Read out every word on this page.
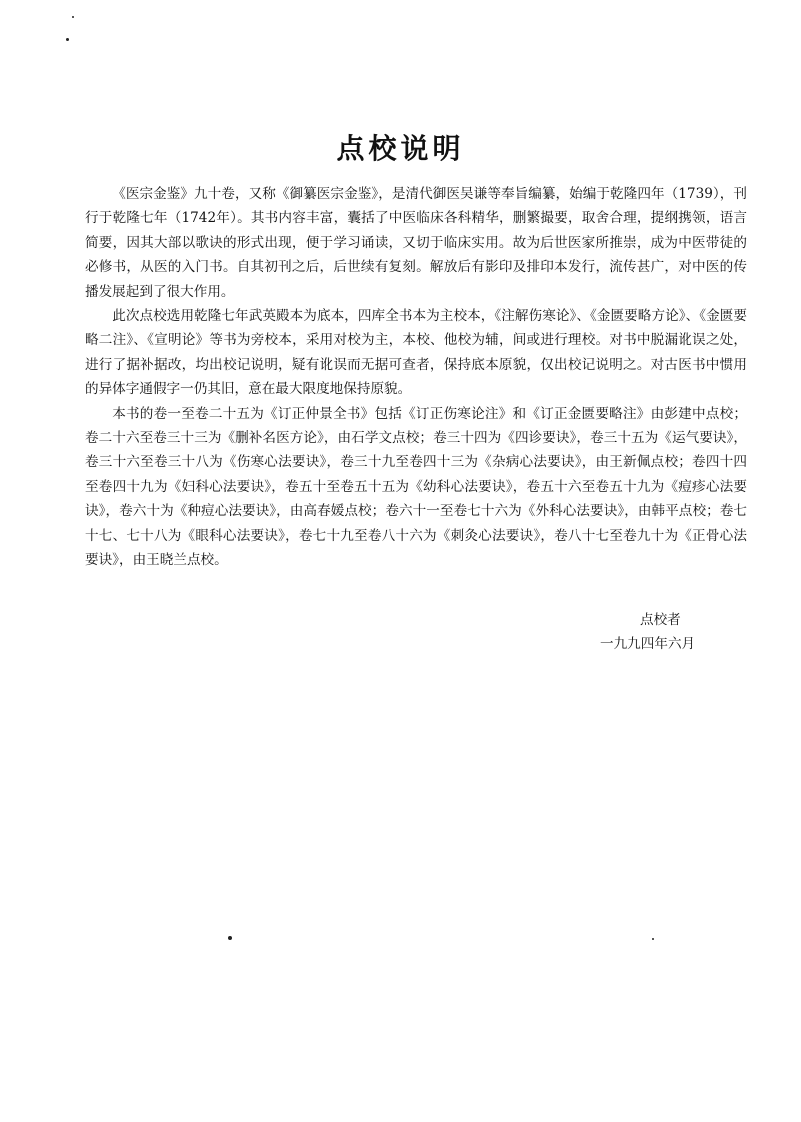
点校说明

《医宗金鉴》九十卷，又称《御纂医宗金鉴》，是清代御医吴谦等奉旨编纂，始编于乾隆四年（1739），刊行于乾隆七年（1742年）。其书内容丰富，囊括了中医临床各科精华，删繁撮要，取舍合理，提纲携领，语言简要，因其大部以歌诀的形式出现，便于学习诵读，又切于临床实用。故为后世医家所推崇，成为中医带徒的必修书，从医的入门书。自其初刊之后，后世续有复刻。解放后有影印及排印本发行，流传甚广，对中医的传播发展起到了很大作用。

此次点校选用乾隆七年武英殿本为底本，四库全书本为主校本，《注解伤寒论》、《金匮要略方论》、《金匮要略二注》、《宣明论》等书为旁校本，采用对校为主，本校、他校为辅，间或进行理校。对书中脱漏讹误之处，进行了据补据改，均出校记说明，疑有讹误而无据可查者，保持底本原貌，仅出校记说明之。对古医书中惯用的异体字通假字一仍其旧，意在最大限度地保持原貌。

本书的卷一至卷二十五为《订正仲景全书》包括《订正伤寒论注》和《订正金匮要略注》由彭建中点校；卷二十六至卷三十三为《删补名医方论》，由石学文点校；卷三十四为《四诊要诀》，卷三十五为《运气要诀》，卷三十六至卷三十八为《伤寒心法要诀》，卷三十九至卷四十三为《杂病心法要诀》，由王新佩点校；卷四十四至卷四十九为《妇科心法要诀》，卷五十至卷五十五为《幼科心法要诀》，卷五十六至卷五十九为《痘疹心法要诀》，卷六十为《种痘心法要诀》，由高春媛点校；卷六十一至卷七十六为《外科心法要诀》，由韩平点校；卷七十七、七十八为《眼科心法要诀》，卷七十九至卷八十六为《刺灸心法要诀》，卷八十七至卷九十为《正骨心法要诀》，由王晓兰点校。

点校者
一九九四年六月
